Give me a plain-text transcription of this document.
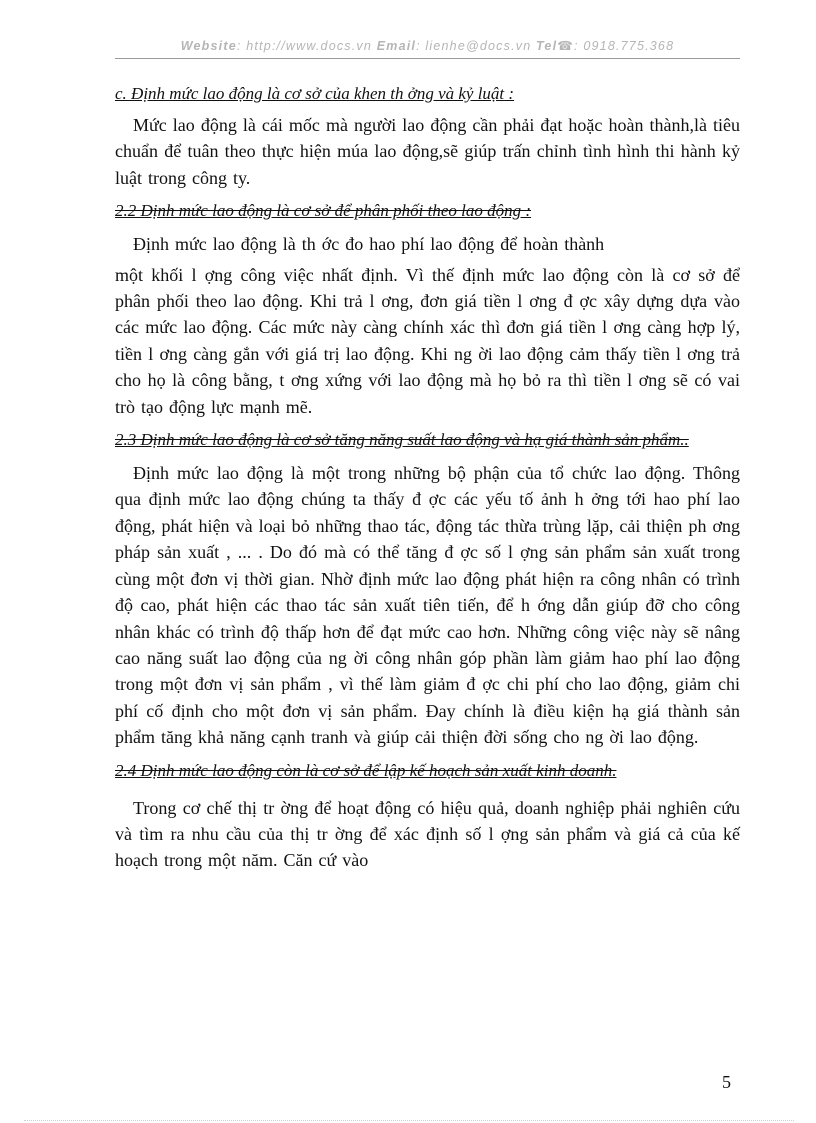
Website: http://www.docs.vn Email: lienhe@docs.vn Tel☎: 0918.775.368

c. Định mức lao động là cơ sở của khen th ởng và kỷ luật :

Mức lao động là cái mốc mà người lao động cần phải đạt hoặc hoàn thành,là tiêu chuẩn để tuân theo thực hiện múa lao động,sẽ giúp trấn chỉnh tình hình thi hành kỷ luật trong công ty.

2.2 Định mức lao động là cơ sở để phân phối theo lao động :

Định mức lao động là th ớc đo hao phí lao động để hoàn thành

một khối l ợng công việc nhất định. Vì thế định mức lao động còn là cơ sở để phân phối theo lao động. Khi trả l ơng, đơn giá tiền l ơng đ ợc xây dựng dựa vào các mức lao động. Các mức này càng chính xác thì đơn giá tiền l ơng càng hợp lý, tiền l ơng càng gắn với giá trị lao động. Khi ng ời lao động cảm thấy tiền l ơng trả cho họ là công bằng, t ơng xứng với lao động mà họ bỏ ra thì tiền l ơng sẽ có vai trò tạo động lực mạnh mẽ.

2.3 Định mức lao động là cơ sở tăng năng suất lao động và hạ giá thành sản phẩm..

Định mức lao động là một trong những bộ phận của tổ chức lao động. Thông qua định mức lao động chúng ta thấy đ ợc các yếu tố ảnh h ởng tới hao phí lao động, phát hiện và loại bỏ những thao tác, động tác thừa trùng lặp, cải thiện ph ơng pháp sản xuất , ... . Do đó mà có thể tăng đ ợc số l ợng sản phẩm sản xuất trong cùng một đơn vị thời gian. Nhờ định mức lao động phát hiện ra công nhân có trình độ cao, phát hiện các thao tác sản xuất tiên tiến, để h ớng dẫn giúp đỡ cho công nhân khác có trình độ thấp hơn để đạt mức cao hơn. Những công việc này sẽ nâng cao năng suất lao động của ng ời công nhân góp phần làm giảm hao phí lao động trong một đơn vị sản phẩm , vì thế làm giảm đ ợc chi phí cho lao động, giảm chi phí cố định cho một đơn vị sản phẩm. Đay chính là điều kiện hạ giá thành sản phẩm tăng khả năng cạnh tranh và giúp cải thiện đời sống cho ng ời lao động.

2.4 Định mức lao động còn là cơ sở để lập kế hoạch sản xuất kinh doanh.

Trong cơ chế thị tr ờng để hoạt động có hiệu quả, doanh nghiệp phải nghiên cứu và tìm ra nhu cầu của thị tr ờng để xác định số l ợng sản phẩm và giá cả của kế hoạch trong một năm. Căn cứ vào

5
